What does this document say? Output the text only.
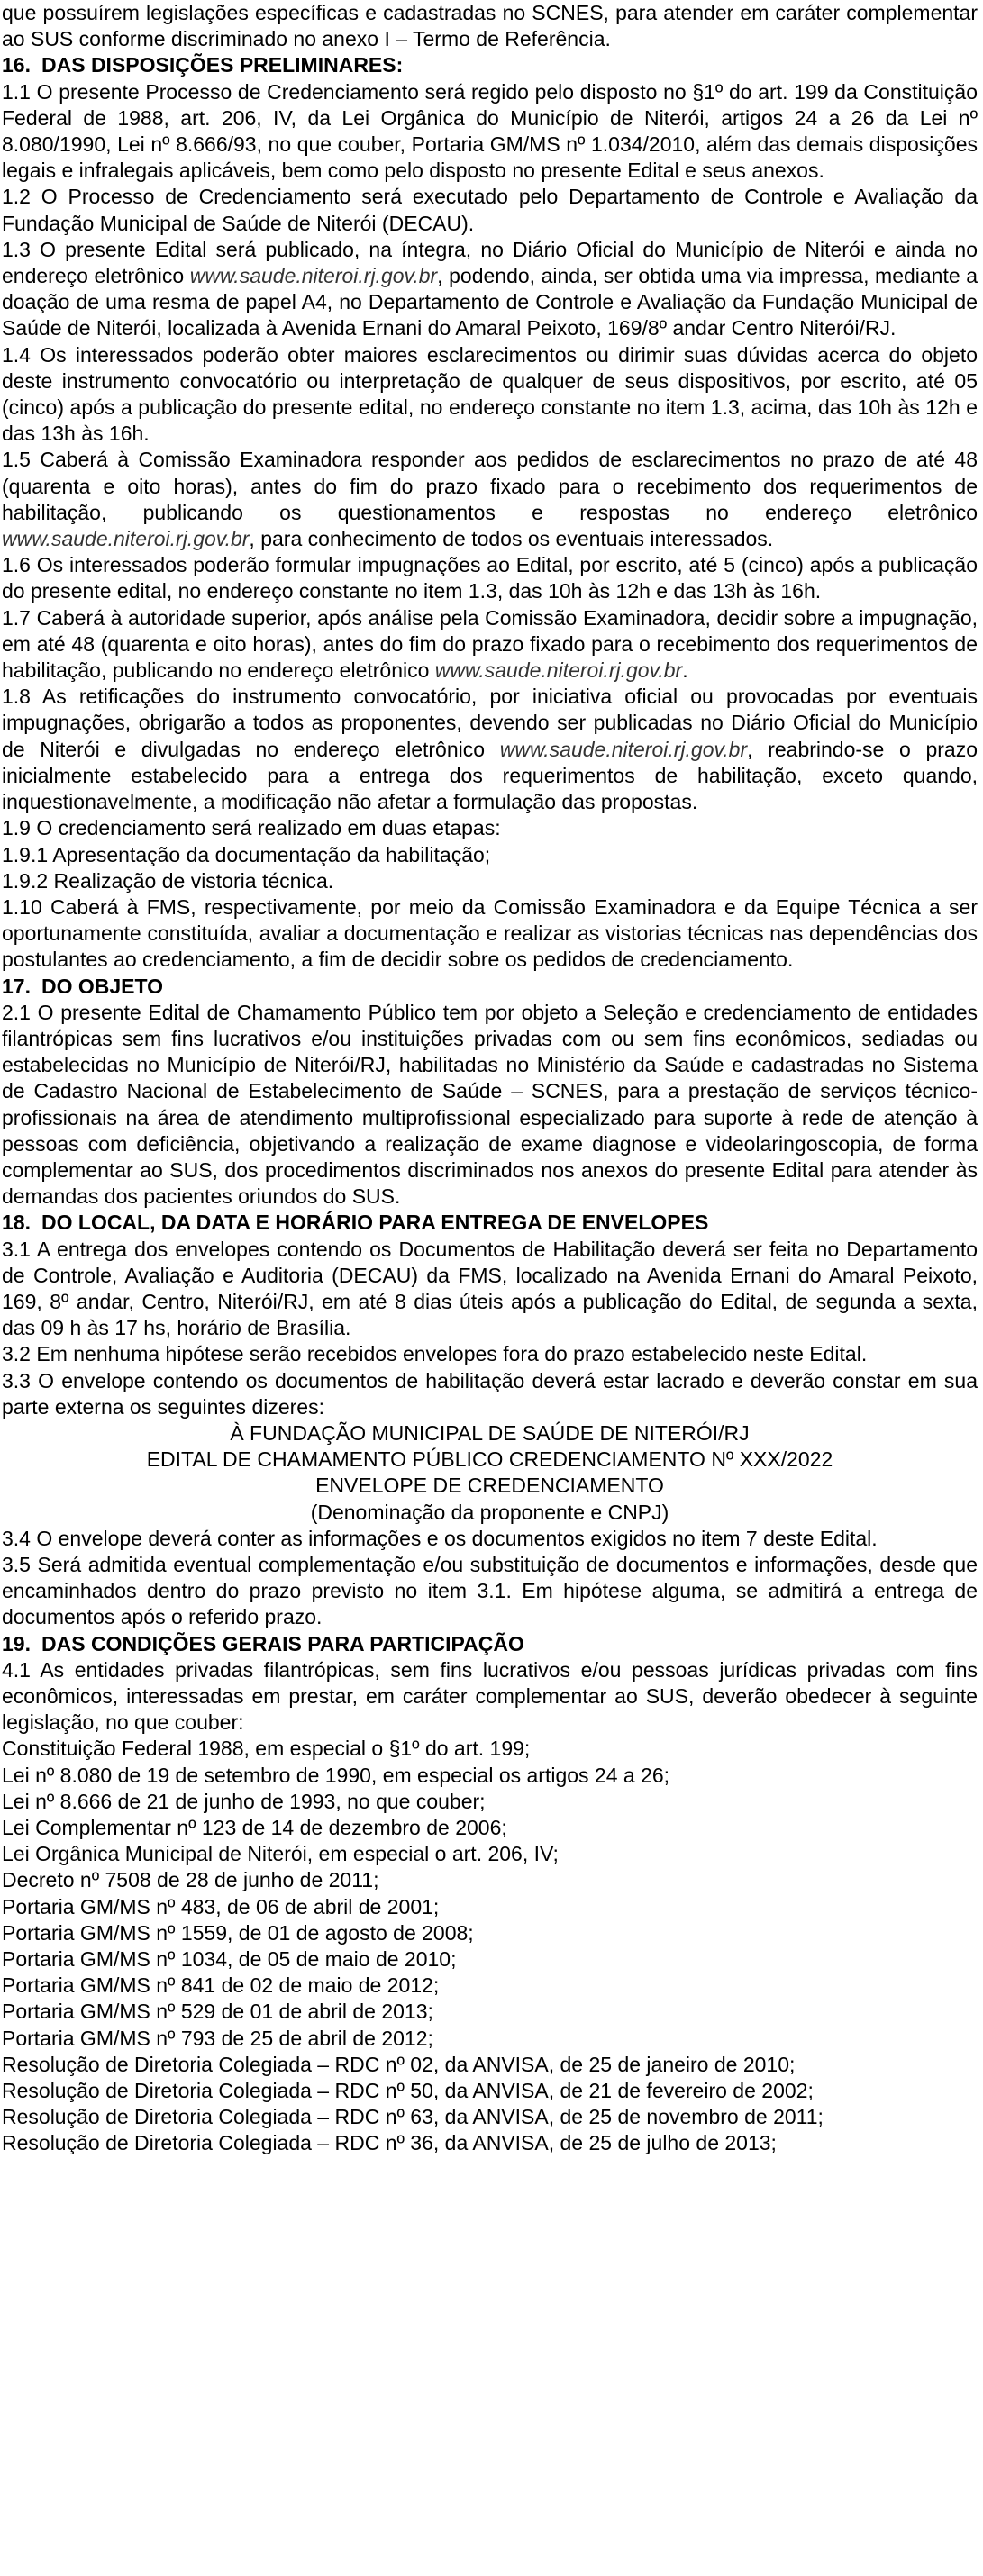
que possuírem legislações específicas e cadastradas no SCNES, para atender em caráter complementar ao SUS conforme discriminado no anexo I – Termo de Referência.

16. DAS DISPOSIÇÕES PRELIMINARES:

1.1 O presente Processo de Credenciamento será regido pelo disposto no §1º do art. 199 da Constituição Federal de 1988, art. 206, IV, da Lei Orgânica do Município de Niterói, artigos 24 a 26 da Lei nº 8.080/1990, Lei nº 8.666/93, no que couber, Portaria GM/MS nº 1.034/2010, além das demais disposições legais e infralegais aplicáveis, bem como pelo disposto no presente Edital e seus anexos.

1.2 O Processo de Credenciamento será executado pelo Departamento de Controle e Avaliação da Fundação Municipal de Saúde de Niterói (DECAU).

1.3 O presente Edital será publicado, na íntegra, no Diário Oficial do Município de Niterói e ainda no endereço eletrônico www.saude.niteroi.rj.gov.br, podendo, ainda, ser obtida uma via impressa, mediante a doação de uma resma de papel A4, no Departamento de Controle e Avaliação da Fundação Municipal de Saúde de Niterói, localizada à Avenida Ernani do Amaral Peixoto, 169/8º andar Centro Niterói/RJ.

1.4 Os interessados poderão obter maiores esclarecimentos ou dirimir suas dúvidas acerca do objeto deste instrumento convocatório ou interpretação de qualquer de seus dispositivos, por escrito, até 05 (cinco) após a publicação do presente edital, no endereço constante no item 1.3, acima, das 10h às 12h e das 13h às 16h.

1.5 Caberá à Comissão Examinadora responder aos pedidos de esclarecimentos no prazo de até 48 (quarenta e oito horas), antes do fim do prazo fixado para o recebimento dos requerimentos de habilitação, publicando os questionamentos e respostas no endereço eletrônico www.saude.niteroi.rj.gov.br, para conhecimento de todos os eventuais interessados.

1.6 Os interessados poderão formular impugnações ao Edital, por escrito, até 5 (cinco) após a publicação do presente edital, no endereço constante no item 1.3, das 10h às 12h e das 13h às 16h.

1.7 Caberá à autoridade superior, após análise pela Comissão Examinadora, decidir sobre a impugnação, em até 48 (quarenta e oito horas), antes do fim do prazo fixado para o recebimento dos requerimentos de habilitação, publicando no endereço eletrônico www.saude.niteroi.rj.gov.br.

1.8 As retificações do instrumento convocatório, por iniciativa oficial ou provocadas por eventuais impugnações, obrigarão a todos as proponentes, devendo ser publicadas no Diário Oficial do Município de Niterói e divulgadas no endereço eletrônico www.saude.niteroi.rj.gov.br, reabrindo-se o prazo inicialmente estabelecido para a entrega dos requerimentos de habilitação, exceto quando, inquestionavelmente, a modificação não afetar a formulação das propostas.

1.9 O credenciamento será realizado em duas etapas:

1.9.1 Apresentação da documentação da habilitação;

1.9.2 Realização de vistoria técnica.

1.10 Caberá à FMS, respectivamente, por meio da Comissão Examinadora e da Equipe Técnica a ser oportunamente constituída, avaliar a documentação e realizar as vistorias técnicas nas dependências dos postulantes ao credenciamento, a fim de decidir sobre os pedidos de credenciamento.

17. DO OBJETO

2.1 O presente Edital de Chamamento Público tem por objeto a Seleção e credenciamento de entidades filantrópicas sem fins lucrativos e/ou instituições privadas com ou sem fins econômicos, sediadas ou estabelecidas no Município de Niterói/RJ, habilitadas no Ministério da Saúde e cadastradas no Sistema de Cadastro Nacional de Estabelecimento de Saúde – SCNES, para a prestação de serviços técnico-profissionais na área de atendimento multiprofissional especializado para suporte à rede de atenção à pessoas com deficiência, objetivando a realização de exame diagnose e videolaringoscopia, de forma complementar ao SUS, dos procedimentos discriminados nos anexos do presente Edital para atender às demandas dos pacientes oriundos do SUS.

18. DO LOCAL, DA DATA E HORÁRIO PARA ENTREGA DE ENVELOPES

3.1 A entrega dos envelopes contendo os Documentos de Habilitação deverá ser feita no Departamento de Controle, Avaliação e Auditoria (DECAU) da FMS, localizado na Avenida Ernani do Amaral Peixoto, 169, 8º andar, Centro, Niterói/RJ, em até 8 dias úteis após a publicação do Edital, de segunda a sexta, das 09 h às 17 hs, horário de Brasília.

3.2 Em nenhuma hipótese serão recebidos envelopes fora do prazo estabelecido neste Edital.

3.3 O envelope contendo os documentos de habilitação deverá estar lacrado e deverão constar em sua parte externa os seguintes dizeres:

À FUNDAÇÃO MUNICIPAL DE SAÚDE DE NITERÓI/RJ

EDITAL DE CHAMAMENTO PÚBLICO CREDENCIAMENTO Nº XXX/2022

ENVELOPE DE CREDENCIAMENTO

(Denominação da proponente e CNPJ)

3.4 O envelope deverá conter as informações e os documentos exigidos no item 7 deste Edital.

3.5 Será admitida eventual complementação e/ou substituição de documentos e informações, desde que encaminhados dentro do prazo previsto no item 3.1. Em hipótese alguma, se admitirá a entrega de documentos após o referido prazo.

19. DAS CONDIÇÕES GERAIS PARA PARTICIPAÇÃO

4.1 As entidades privadas filantrópicas, sem fins lucrativos e/ou pessoas jurídicas privadas com fins econômicos, interessadas em prestar, em caráter complementar ao SUS, deverão obedecer à seguinte legislação, no que couber:

Constituição Federal 1988, em especial o §1º do art. 199;

Lei nº 8.080 de 19 de setembro de 1990, em especial os artigos 24 a 26;

Lei nº 8.666 de 21 de junho de 1993, no que couber;

Lei Complementar nº 123 de 14 de dezembro de 2006;

Lei Orgânica Municipal de Niterói, em especial o art. 206, IV;

Decreto nº 7508 de 28 de junho de 2011;

Portaria GM/MS nº 483, de 06 de abril de 2001;

Portaria GM/MS nº 1559, de 01 de agosto de 2008;

Portaria GM/MS nº 1034, de 05 de maio de 2010;

Portaria GM/MS nº 841 de 02 de maio de 2012;

Portaria GM/MS nº 529 de 01 de abril de 2013;

Portaria GM/MS nº 793 de 25 de abril de 2012;

Resolução de Diretoria Colegiada – RDC nº 02, da ANVISA, de 25 de janeiro de 2010;

Resolução de Diretoria Colegiada – RDC nº 50, da ANVISA, de 21 de fevereiro de 2002;

Resolução de Diretoria Colegiada – RDC nº 63, da ANVISA, de 25 de novembro de 2011;

Resolução de Diretoria Colegiada – RDC nº 36, da ANVISA, de 25 de julho de 2013;
